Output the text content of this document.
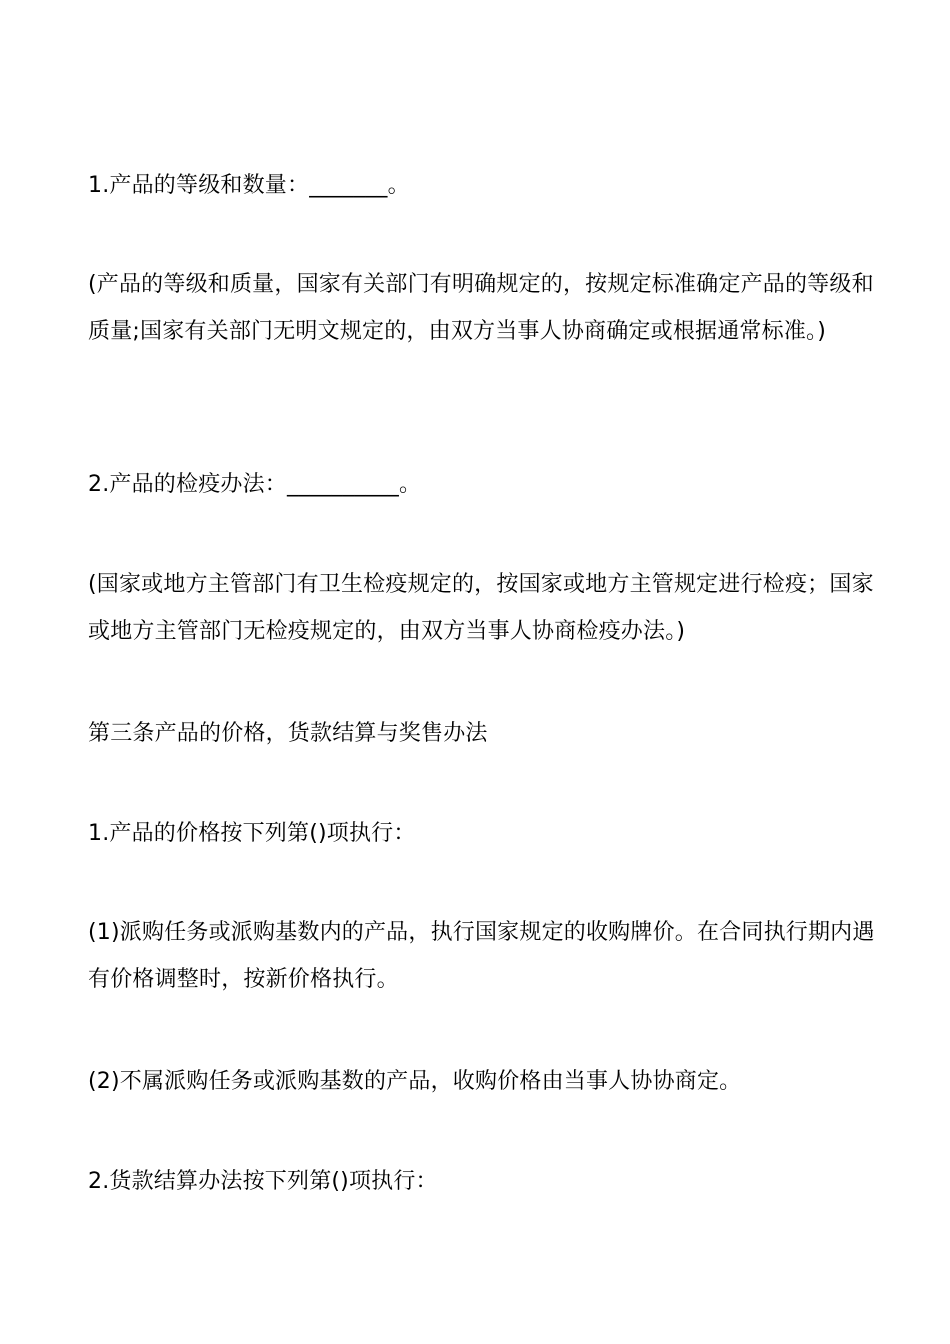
1.产品的等级和数量：_______。

(产品的等级和质量，国家有关部门有明确规定的，按规定标准确定产品的等级和质量;国家有关部门无明文规定的，由双方当事人协商确定或根据通常标准。)

2.产品的检疫办法：__________。

(国家或地方主管部门有卫生检疫规定的，按国家或地方主管规定进行检疫；国家或地方主管部门无检疫规定的，由双方当事人协商检疫办法。)

第三条产品的价格，货款结算与奖售办法

1.产品的价格按下列第()项执行：

(1)派购任务或派购基数内的产品，执行国家规定的收购牌价。在合同执行期内遇有价格调整时，按新价格执行。

(2)不属派购任务或派购基数的产品，收购价格由当事人协协商定。

2.货款结算办法按下列第()项执行：
